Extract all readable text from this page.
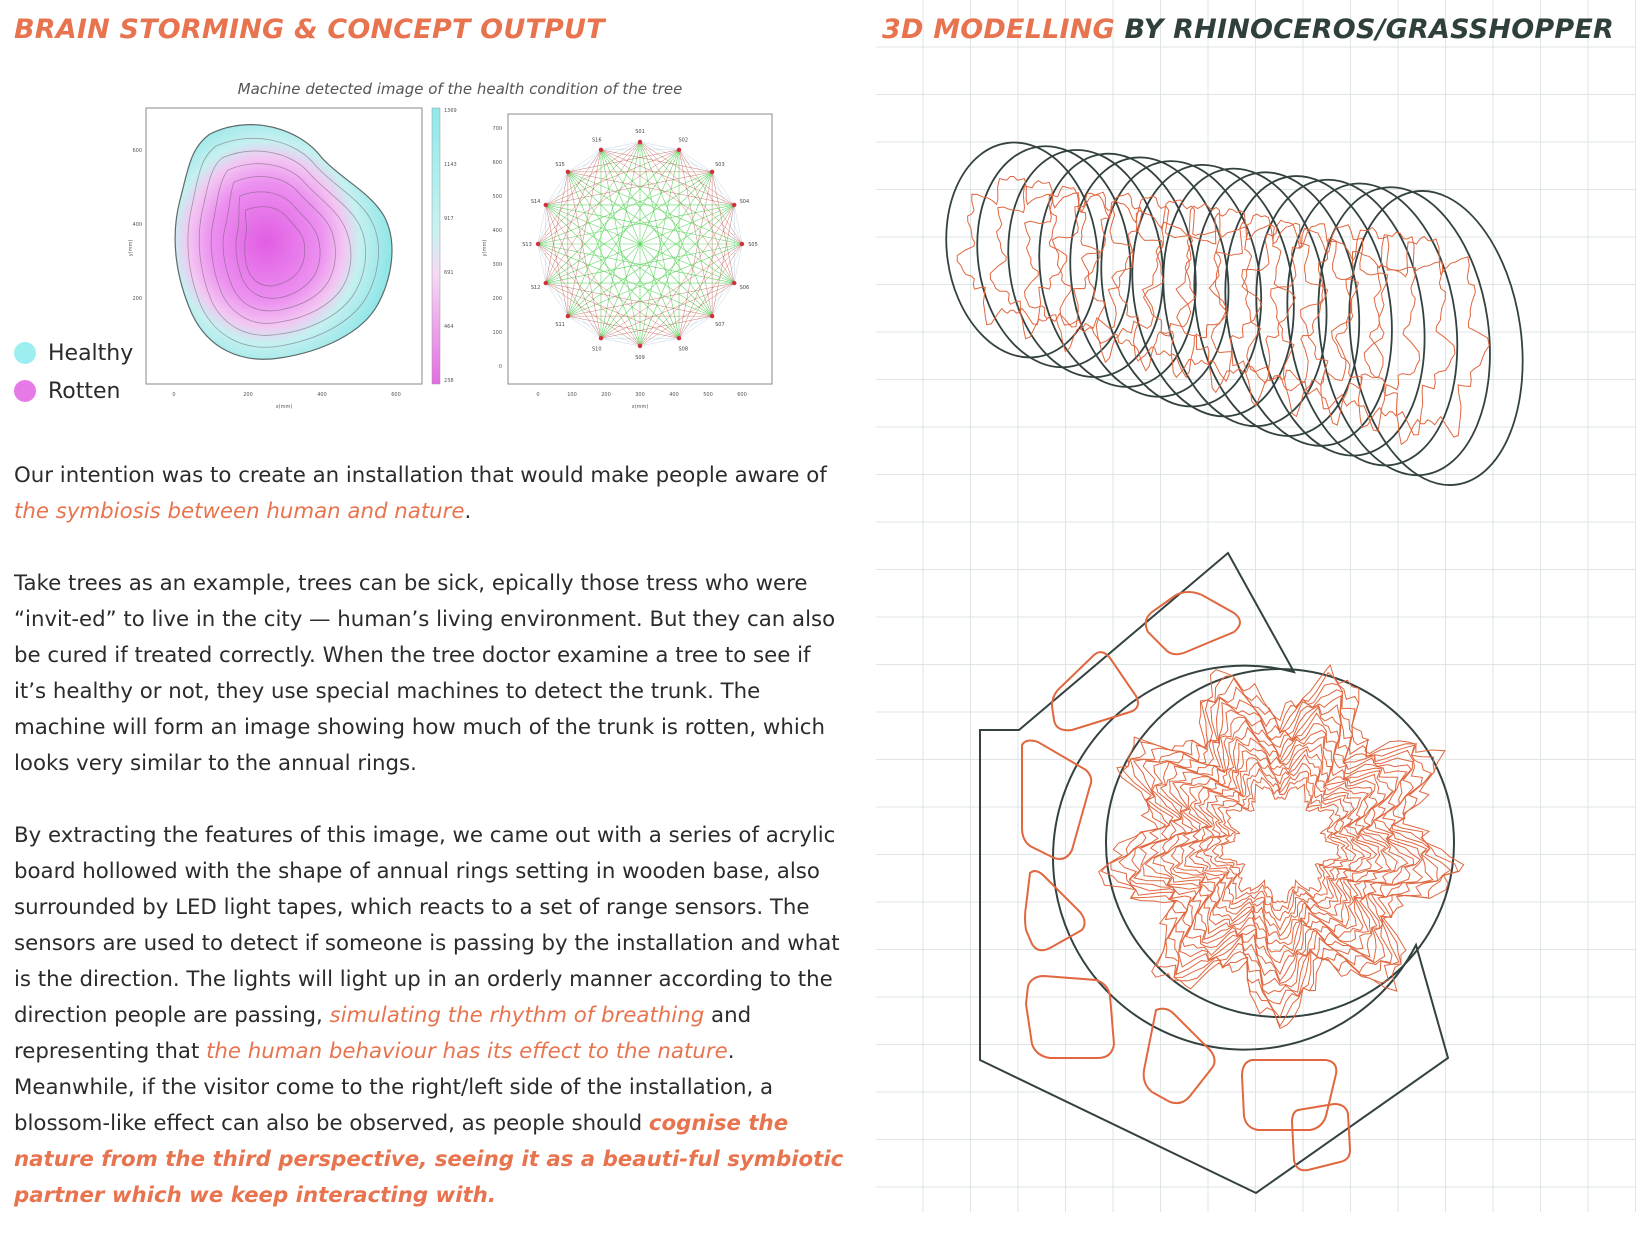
BRAIN STORMING & CONCEPT OUTPUT
Machine detected image of the health condition of the tree
1369
1143
917
691
464
238
600
400
200
0	200	400	600
x(mm)
y(mm)
S01
S02
S03
S04
S05
S06
S07
S08
S09
S10
S11
S12
S13
S14
S15
S16
700
600
500
400
300
200
100
0
0	100	200	300	400	500	600
x(mm)
y(mm)
Healthy
Rotten

Our intention was to create an installation that would make people aware of the symbiosis between human and nature.

Take trees as an example, trees can be sick, epically those tress who were “invit-ed” to live in the city — human’s living environment. But they can also be cured if treated correctly. When the tree doctor examine a tree to see if it’s healthy or not, they use special machines to detect the trunk. The machine will form an image showing how much of the trunk is rotten, which looks very similar to the annual rings.

By extracting the features of this image, we came out with a series of acrylic board hollowed with the shape of annual rings setting in wooden base, also surrounded by LED light tapes, which reacts to a set of range sensors. The sensors are used to detect if someone is passing by the installation and what is the direction. The lights will light up in an orderly manner according to the direction people are passing, simulating the rhythm of breathing and representing that the human behaviour has its effect to the nature. Meanwhile, if the visitor come to the right/left side of the installation, a blossom-like effect can also be observed, as people should cognise the nature from the third perspective, seeing it as a beauti-ful symbiotic partner which we keep interacting with.

3D MODELLING BY RHINOCEROS/GRASSHOPPER
